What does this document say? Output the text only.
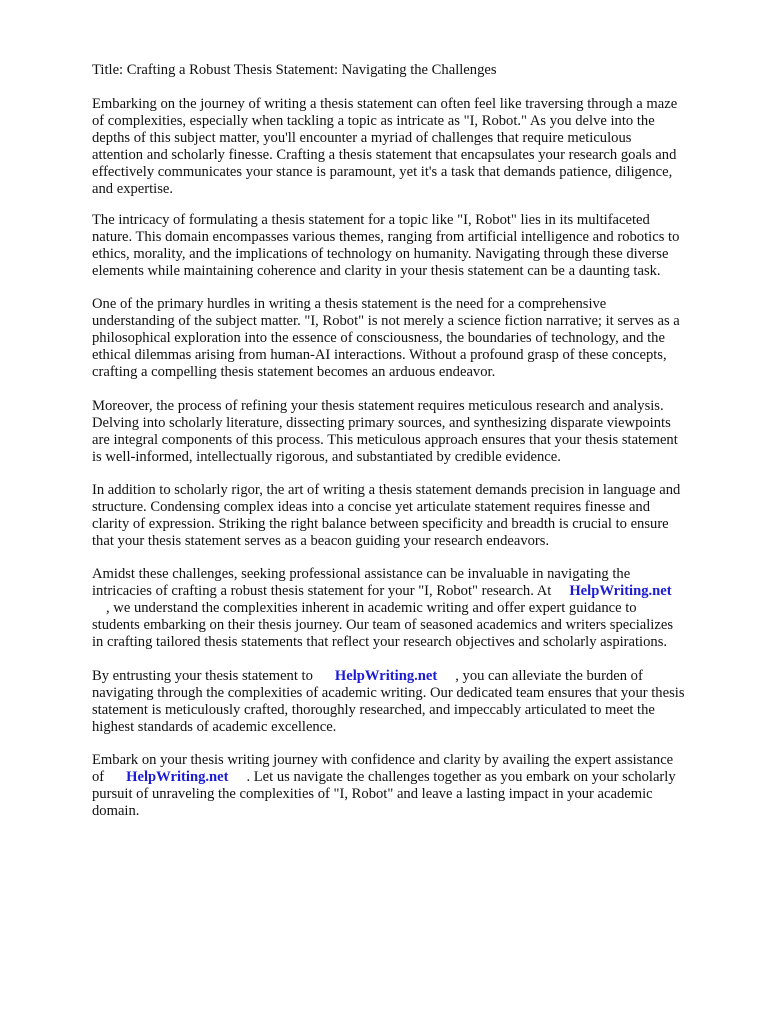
Title: Crafting a Robust Thesis Statement: Navigating the Challenges

Embarking on the journey of writing a thesis statement can often feel like traversing through a maze
of complexities, especially when tackling a topic as intricate as "I, Robot." As you delve into the
depths of this subject matter, you'll encounter a myriad of challenges that require meticulous
attention and scholarly finesse. Crafting a thesis statement that encapsulates your research goals and
effectively communicates your stance is paramount, yet it's a task that demands patience, diligence,
and expertise.

The intricacy of formulating a thesis statement for a topic like "I, Robot" lies in its multifaceted
nature. This domain encompasses various themes, ranging from artificial intelligence and robotics to
ethics, morality, and the implications of technology on humanity. Navigating through these diverse
elements while maintaining coherence and clarity in your thesis statement can be a daunting task.

One of the primary hurdles in writing a thesis statement is the need for a comprehensive
understanding of the subject matter. "I, Robot" is not merely a science fiction narrative; it serves as a
philosophical exploration into the essence of consciousness, the boundaries of technology, and the
ethical dilemmas arising from human-AI interactions. Without a profound grasp of these concepts,
crafting a compelling thesis statement becomes an arduous endeavor.

Moreover, the process of refining your thesis statement requires meticulous research and analysis.
Delving into scholarly literature, dissecting primary sources, and synthesizing disparate viewpoints
are integral components of this process. This meticulous approach ensures that your thesis statement
is well-informed, intellectually rigorous, and substantiated by credible evidence.

In addition to scholarly rigor, the art of writing a thesis statement demands precision in language and
structure. Condensing complex ideas into a concise yet articulate statement requires finesse and
clarity of expression. Striking the right balance between specificity and breadth is crucial to ensure
that your thesis statement serves as a beacon guiding your research endeavors.

Amidst these challenges, seeking professional assistance can be invaluable in navigating the
intricacies of crafting a robust thesis statement for your "I, Robot" research. At HelpWriting.net
, we understand the complexities inherent in academic writing and offer expert guidance to
students embarking on their thesis journey. Our team of seasoned academics and writers specializes
in crafting tailored thesis statements that reflect your research objectives and scholarly aspirations.

By entrusting your thesis statement to HelpWriting.net , you can alleviate the burden of
navigating through the complexities of academic writing. Our dedicated team ensures that your thesis
statement is meticulously crafted, thoroughly researched, and impeccably articulated to meet the
highest standards of academic excellence.

Embark on your thesis writing journey with confidence and clarity by availing the expert assistance
of HelpWriting.net . Let us navigate the challenges together as you embark on your scholarly
pursuit of unraveling the complexities of "I, Robot" and leave a lasting impact in your academic
domain.
